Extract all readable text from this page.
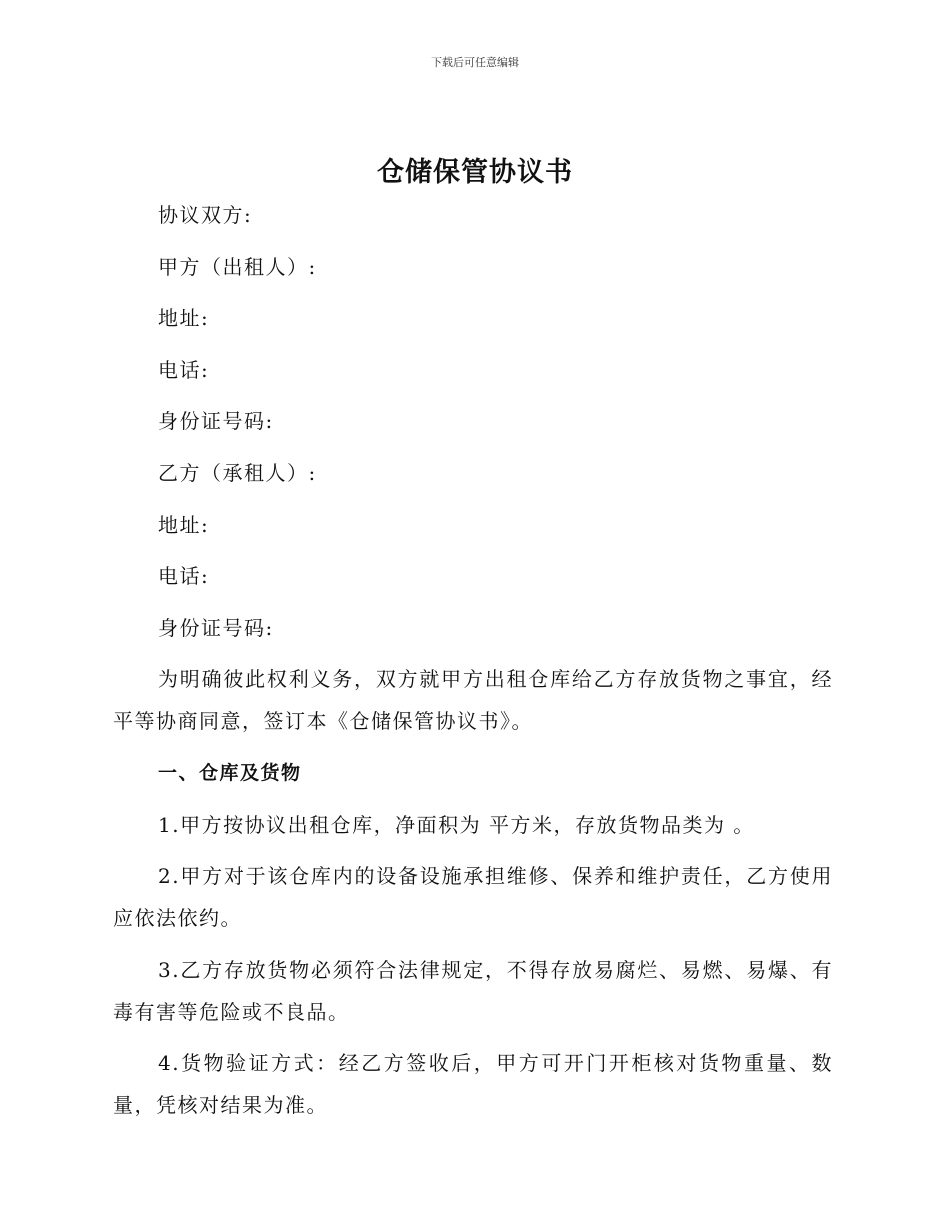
下载后可任意编辑
仓储保管协议书
协议双方:
甲方（出租人）:
地址:
电话:
身份证号码:
乙方（承租人）:
地址:
电话:
身份证号码:
为明确彼此权利义务，双方就甲方出租仓库给乙方存放货物之事宜，经平等协商同意，签订本《仓储保管协议书》。
一、仓库及货物
1.甲方按协议出租仓库，净面积为 平方米，存放货物品类为 。
2.甲方对于该仓库内的设备设施承担维修、保养和维护责任，乙方使用应依法依约。
3.乙方存放货物必须符合法律规定，不得存放易腐烂、易燃、易爆、有毒有害等危险或不良品。
4.货物验证方式：经乙方签收后，甲方可开门开柜核对货物重量、数量，凭核对结果为准。
